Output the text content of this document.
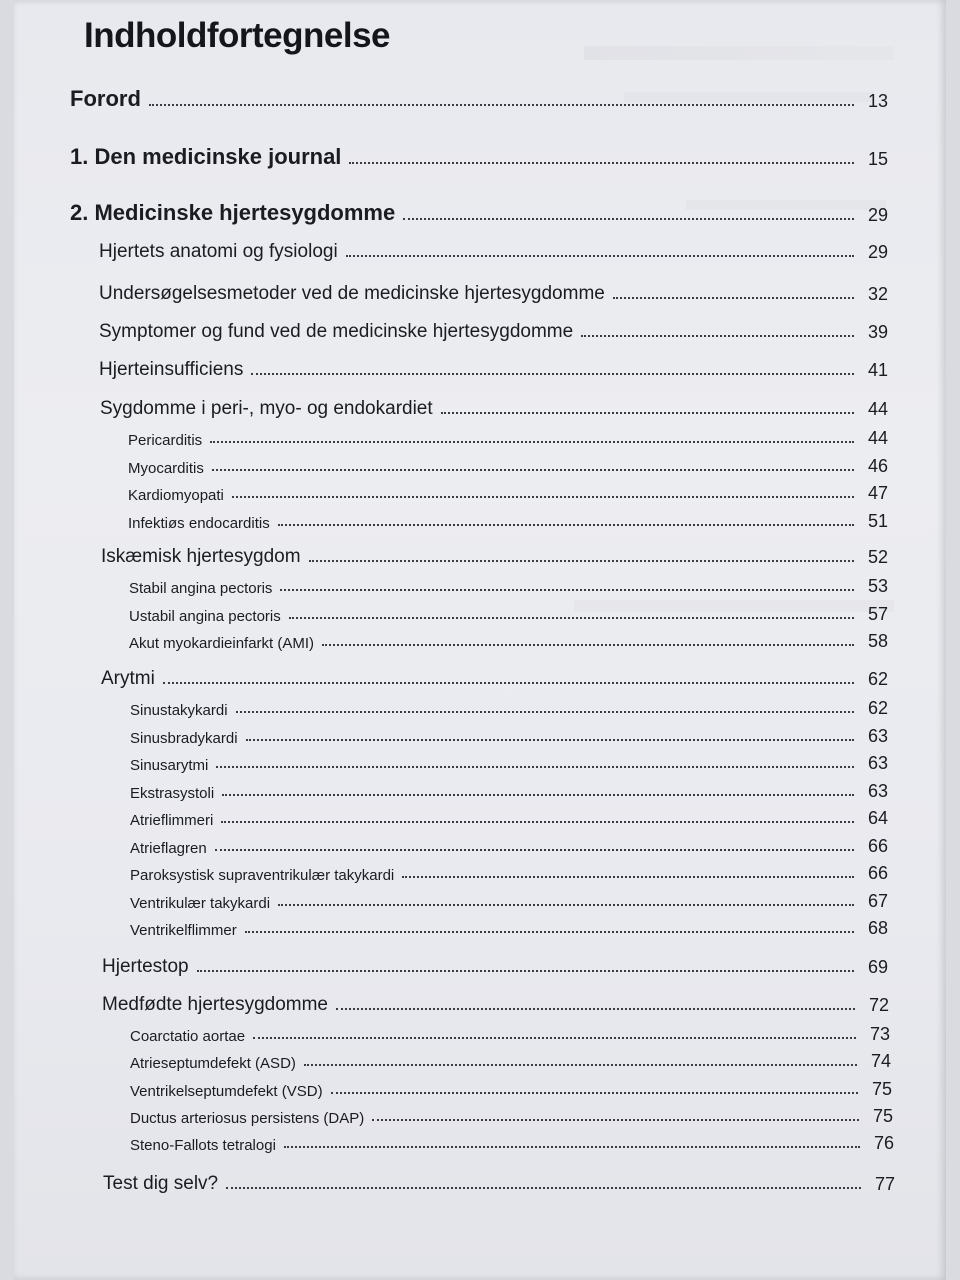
Indholdfortegnelse
Forord	13
1. Den medicinske journal	15
2. Medicinske hjertesygdomme	29
Hjertets anatomi og fysiologi	29
Undersøgelsesmetoder ved de medicinske hjertesygdomme	32
Symptomer og fund ved de medicinske hjertesygdomme	39
Hjerteinsufficiens	41
Sygdomme i peri-, myo- og endokardiet	44
Pericarditis	44
Myocarditis	46
Kardiomyopati	47
Infektiøs endocarditis	51
Iskæmisk hjertesygdom	52
Stabil angina pectoris	53
Ustabil angina pectoris	57
Akut myokardieinfarkt (AMI)	58
Arytmi	62
Sinustakykardi	62
Sinusbradykardi	63
Sinusarytmi	63
Ekstrasystoli	63
Atrieflimmeri	64
Atrieflagren	66
Paroksystisk supraventrikulær takykardi	66
Ventrikulær takykardi	67
Ventrikelflimmer	68
Hjertestop	69
Medfødte hjertesygdomme	72
Coarctatio aortae	73
Atrieseptumdefekt (ASD)	74
Ventrikelseptumdefekt (VSD)	75
Ductus arteriosus persistens (DAP)	75
Steno-Fallots tetralogi	76
Test dig selv?	77
